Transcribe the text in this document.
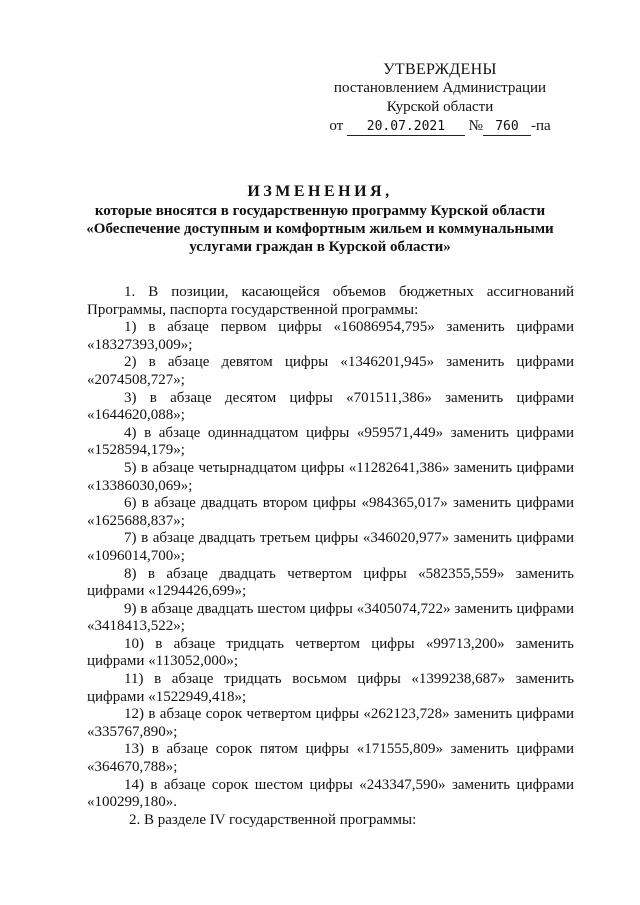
УТВЕРЖДЕНЫ
постановлением Администрации
Курской области
от 20.07.2021 № 760 -па
ИЗМЕНЕНИЯ,
которые вносятся в государственную программу Курской области
«Обеспечение доступным и комфортным жильем и коммунальными
услугами граждан в Курской области»

1. В позиции, касающейся объемов бюджетных ассигнований Программы, паспорта государственной программы:

1) в абзаце первом цифры «16086954,795» заменить цифрами «18327393,009»;

2) в абзаце девятом цифры «1346201,945» заменить цифрами «2074508,727»;

3) в абзаце десятом цифры «701511,386» заменить цифрами «1644620,088»;

4) в абзаце одиннадцатом цифры «959571,449» заменить цифрами «1528594,179»;

5) в абзаце четырнадцатом цифры «11282641,386» заменить цифрами «13386030,069»;

6) в абзаце двадцать втором цифры «984365,017» заменить цифрами «1625688,837»;

7) в абзаце двадцать третьем цифры «346020,977» заменить цифрами «1096014,700»;

8) в абзаце двадцать четвертом цифры «582355,559» заменить цифрами «1294426,699»;

9) в абзаце двадцать шестом цифры «3405074,722» заменить цифрами «3418413,522»;

10) в абзаце тридцать четвертом цифры «99713,200» заменить цифрами «113052,000»;

11) в абзаце тридцать восьмом цифры «1399238,687» заменить цифрами «1522949,418»;

12) в абзаце сорок четвертом цифры «262123,728» заменить цифрами «335767,890»;

13) в абзаце сорок пятом цифры «171555,809» заменить цифрами «364670,788»;

14) в абзаце сорок шестом цифры «243347,590» заменить цифрами «100299,180».

2. В разделе IV государственной программы:
